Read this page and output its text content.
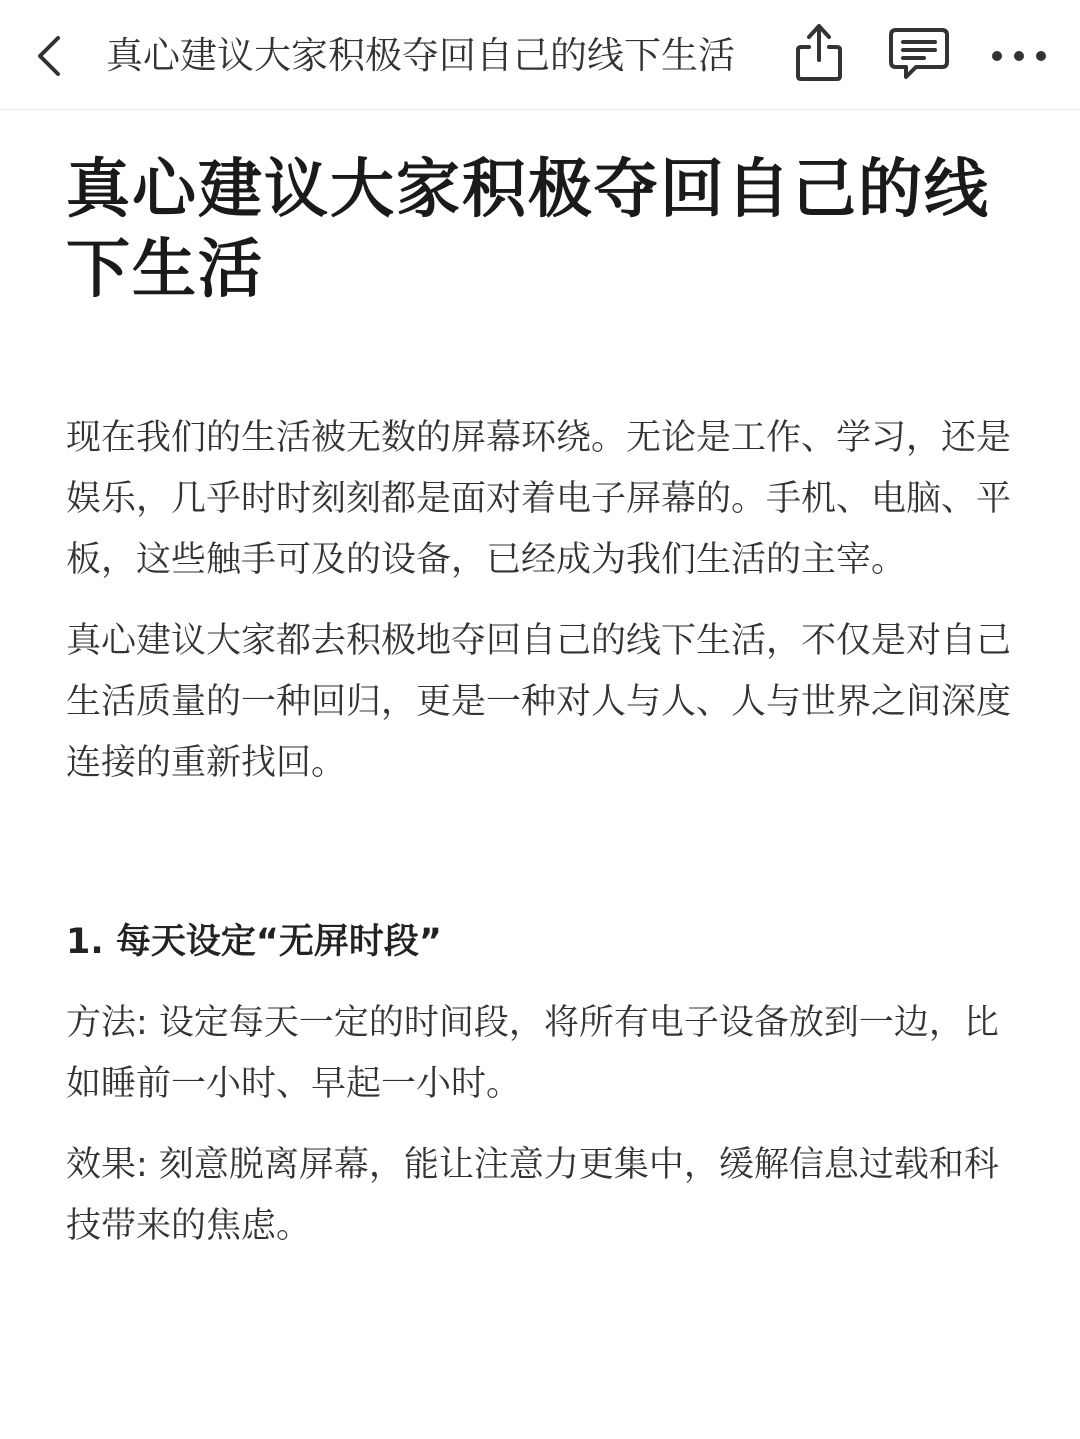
真心建议大家积极夺回自己的线下生活
真心建议大家积极夺回自己的线下生活

现在我们的生活被无数的屏幕环绕。无论是工作、学习，还是娱乐，几乎时时刻刻都是面对着电子屏幕的。手机、电脑、平板，这些触手可及的设备，已经成为我们生活的主宰。

真心建议大家都去积极地夺回自己的线下生活，不仅是对自己生活质量的一种回归，更是一种对人与人、人与世界之间深度连接的重新找回。

1. 每天设定“无屏时段”

方法: 设定每天一定的时间段，将所有电子设备放到一边，比如睡前一小时、早起一小时。

效果: 刻意脱离屏幕，能让注意力更集中，缓解信息过载和科技带来的焦虑。
